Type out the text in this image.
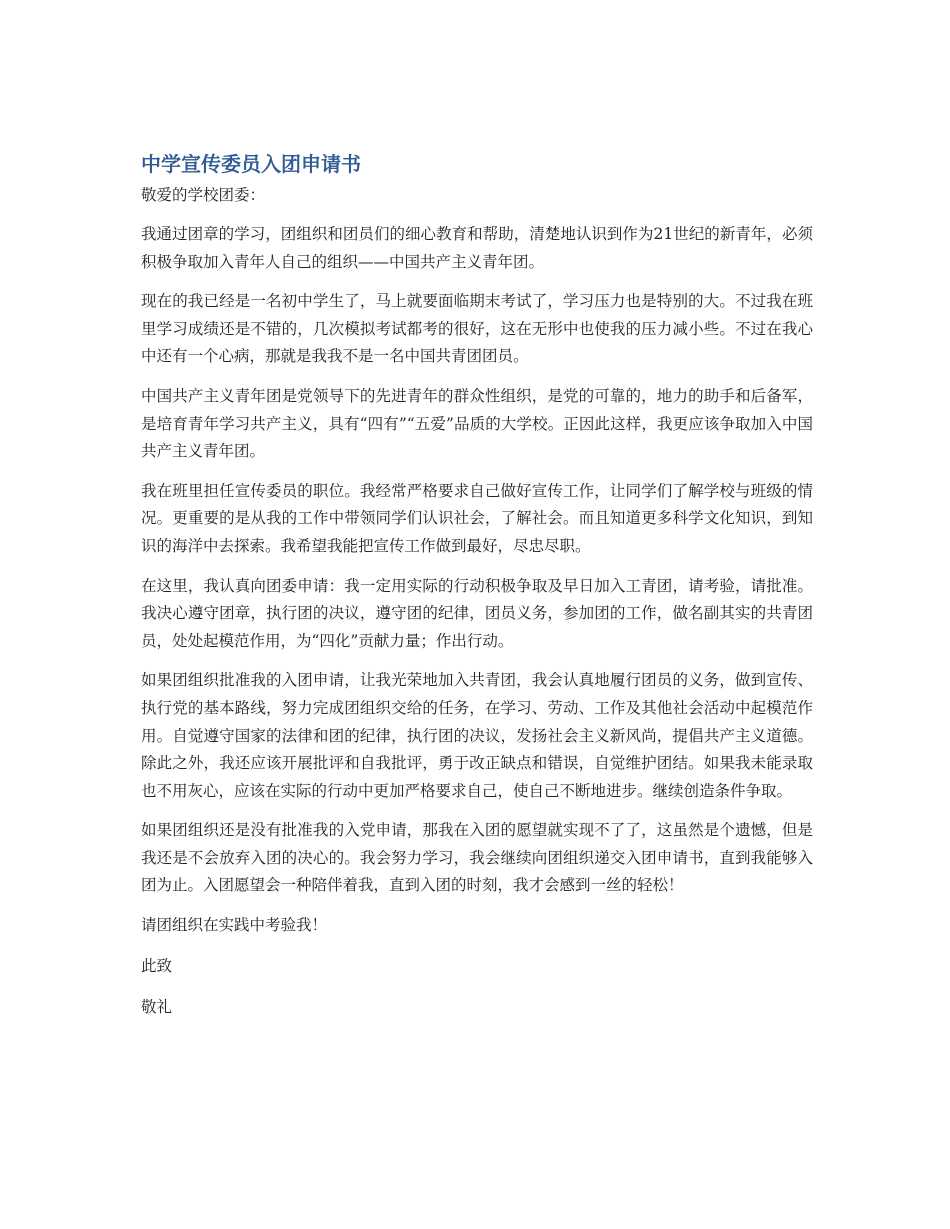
中学宣传委员入团申请书

敬爱的学校团委：

我通过团章的学习，团组织和团员们的细心教育和帮助，清楚地认识到作为21世纪的新青年，必须积极争取加入青年人自己的组织——中国共产主义青年团。

现在的我已经是一名初中学生了，马上就要面临期末考试了，学习压力也是特别的大。不过我在班里学习成绩还是不错的，几次模拟考试都考的很好，这在无形中也使我的压力减小些。不过在我心中还有一个心病，那就是我我不是一名中国共青团团员。

中国共产主义青年团是党领导下的先进青年的群众性组织，是党的可靠的，地力的助手和后备军，是培育青年学习共产主义，具有“四有”“五爱”品质的大学校。正因此这样，我更应该争取加入中国共产主义青年团。

我在班里担任宣传委员的职位。我经常严格要求自己做好宣传工作，让同学们了解学校与班级的情况。更重要的是从我的工作中带领同学们认识社会，了解社会。而且知道更多科学文化知识，到知识的海洋中去探索。我希望我能把宣传工作做到最好，尽忠尽职。

在这里，我认真向团委申请：我一定用实际的行动积极争取及早日加入工青团，请考验，请批准。我决心遵守团章，执行团的决议，遵守团的纪律，团员义务，参加团的工作，做名副其实的共青团员，处处起模范作用，为“四化”贡献力量；作出行动。

如果团组织批准我的入团申请，让我光荣地加入共青团，我会认真地履行团员的义务，做到宣传、执行党的基本路线，努力完成团组织交给的任务，在学习、劳动、工作及其他社会活动中起模范作用。自觉遵守国家的法律和团的纪律，执行团的决议，发扬社会主义新风尚，提倡共产主义道德。除此之外，我还应该开展批评和自我批评，勇于改正缺点和错误，自觉维护团结。如果我未能录取也不用灰心，应该在实际的行动中更加严格要求自己，使自己不断地进步。继续创造条件争取。

如果团组织还是没有批准我的入党申请，那我在入团的愿望就实现不了了，这虽然是个遗憾，但是我还是不会放弃入团的决心的。我会努力学习，我会继续向团组织递交入团申请书，直到我能够入团为止。入团愿望会一种陪伴着我，直到入团的时刻，我才会感到一丝的轻松！

请团组织在实践中考验我！

此致

敬礼
